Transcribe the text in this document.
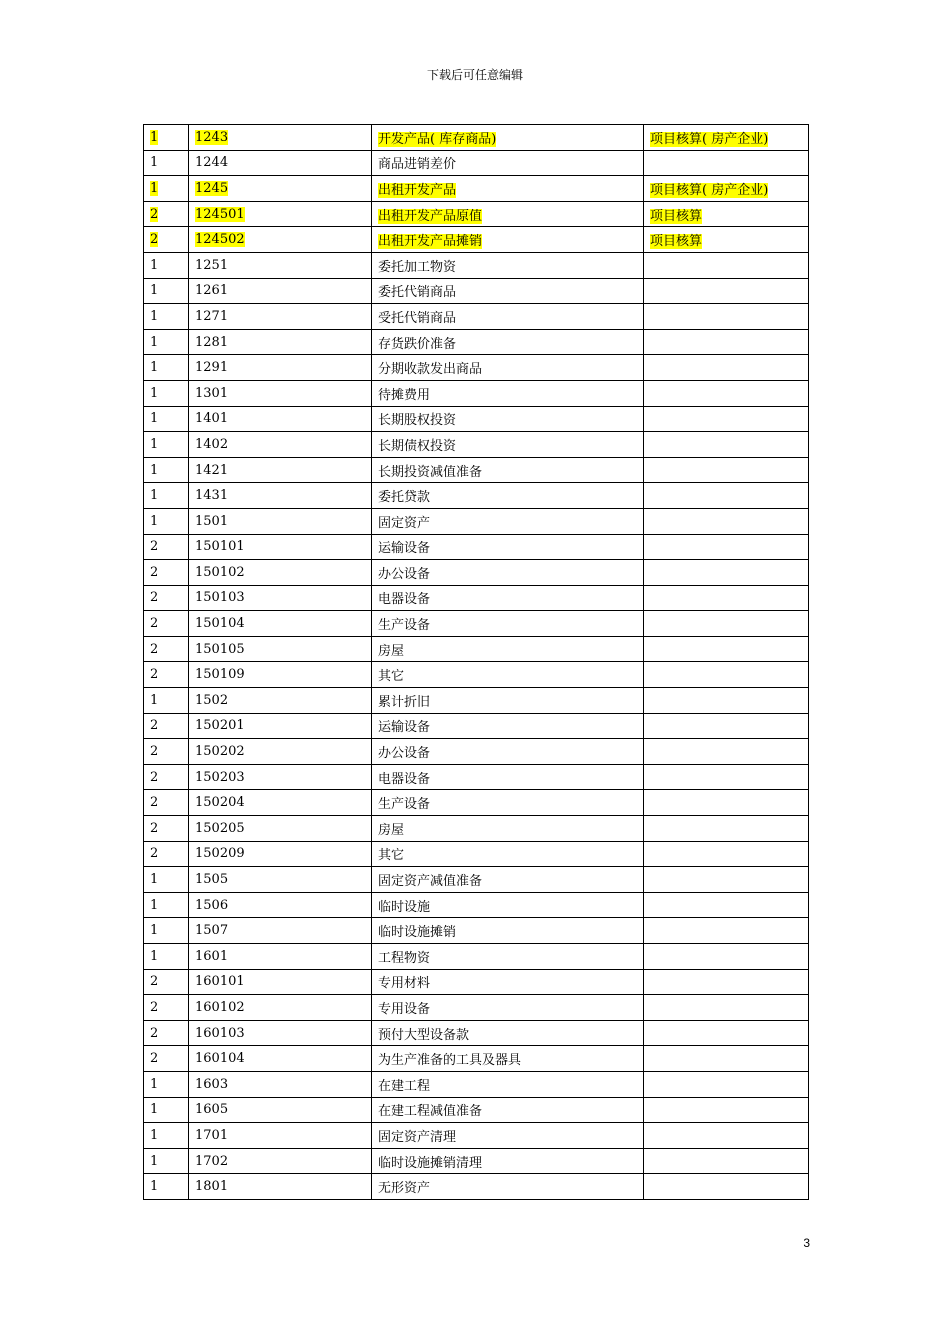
下载后可任意编辑
1	1243	开发产品( 库存商品)	项目核算( 房产企业)
1	1244	商品进销差价	
1	1245	出租开发产品	项目核算( 房产企业)
2	124501	出租开发产品原值	项目核算
2	124502	出租开发产品摊销	项目核算
1	1251	委托加工物资	
1	1261	委托代销商品	
1	1271	受托代销商品	
1	1281	存货跌价准备	
1	1291	分期收款发出商品	
1	1301	待摊费用	
1	1401	长期股权投资	
1	1402	长期债权投资	
1	1421	长期投资减值准备	
1	1431	委托贷款	
1	1501	固定资产	
2	150101	运输设备	
2	150102	办公设备	
2	150103	电器设备	
2	150104	生产设备	
2	150105	房屋	
2	150109	其它	
1	1502	累计折旧	
2	150201	运输设备	
2	150202	办公设备	
2	150203	电器设备	
2	150204	生产设备	
2	150205	房屋	
2	150209	其它	
1	1505	固定资产减值准备	
1	1506	临时设施	
1	1507	临时设施摊销	
1	1601	工程物资	
2	160101	专用材料	
2	160102	专用设备	
2	160103	预付大型设备款	
2	160104	为生产准备的工具及器具	
1	1603	在建工程	
1	1605	在建工程减值准备	
1	1701	固定资产清理	
1	1702	临时设施摊销清理	
1	1801	无形资产	
3
